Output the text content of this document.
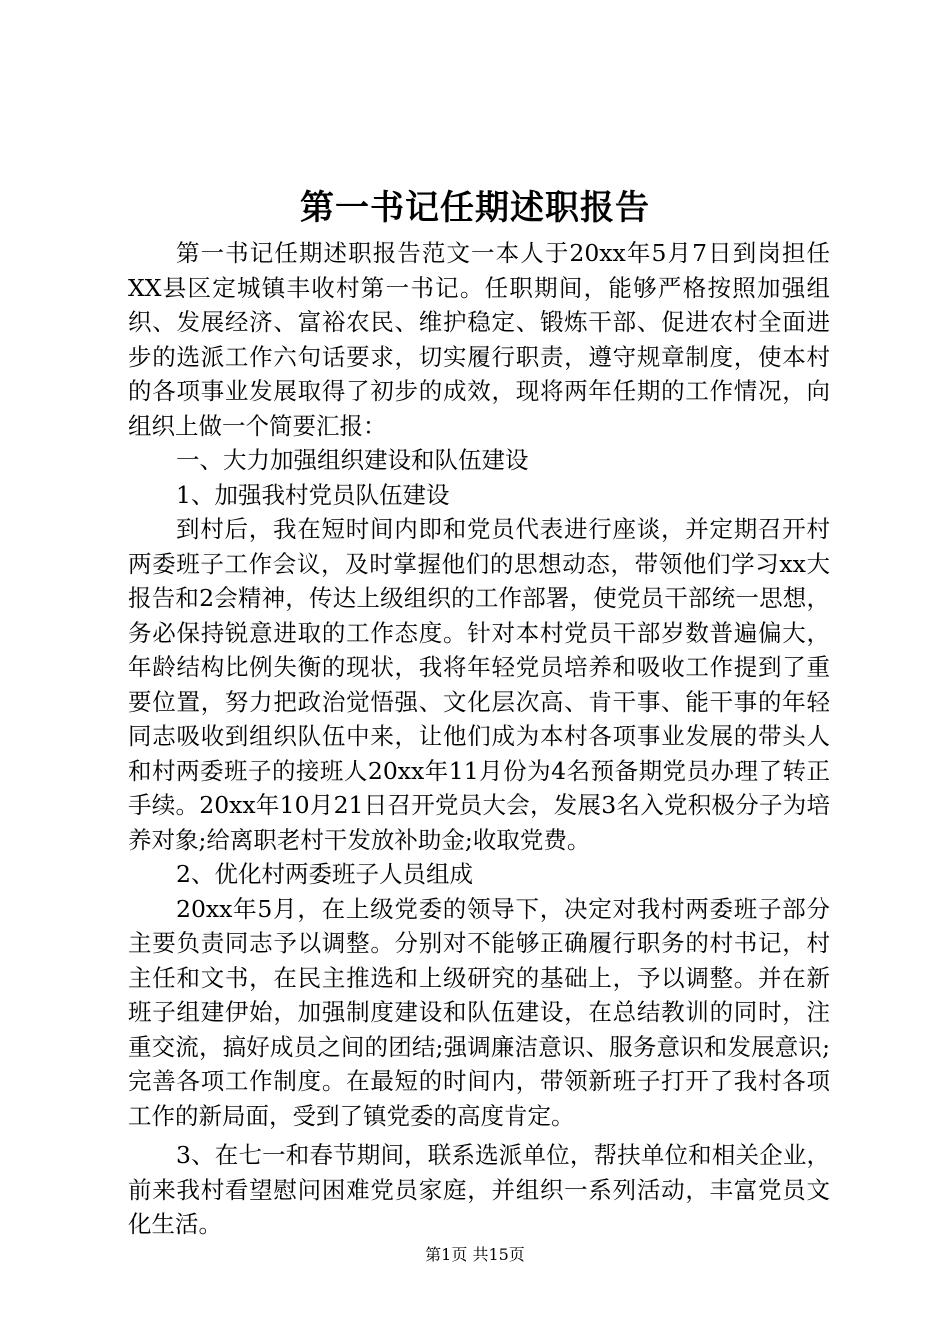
第一书记任期述职报告

第一书记任期述职报告范文一本人于20xx年5月7日到岗担任XX县区定城镇丰收村第一书记。任职期间，能够严格按照加强组织、发展经济、富裕农民、维护稳定、锻炼干部、促进农村全面进步的选派工作六句话要求，切实履行职责，遵守规章制度，使本村的各项事业发展取得了初步的成效，现将两年任期的工作情况，向组织上做一个简要汇报：

一、大力加强组织建设和队伍建设

1、加强我村党员队伍建设

到村后，我在短时间内即和党员代表进行座谈，并定期召开村两委班子工作会议，及时掌握他们的思想动态，带领他们学习xx大报告和2会精神，传达上级组织的工作部署，使党员干部统一思想，务必保持锐意进取的工作态度。针对本村党员干部岁数普遍偏大，年龄结构比例失衡的现状，我将年轻党员培养和吸收工作提到了重要位置，努力把政治觉悟强、文化层次高、肯干事、能干事的年轻同志吸收到组织队伍中来，让他们成为本村各项事业发展的带头人和村两委班子的接班人20xx年11月份为4名预备期党员办理了转正手续。20xx年10月21日召开党员大会，发展3名入党积极分子为培养对象;给离职老村干发放补助金;收取党费。

2、优化村两委班子人员组成

20xx年5月，在上级党委的领导下，决定对我村两委班子部分主要负责同志予以调整。分别对不能够正确履行职务的村书记，村主任和文书，在民主推选和上级研究的基础上，予以调整。并在新班子组建伊始，加强制度建设和队伍建设，在总结教训的同时，注重交流，搞好成员之间的团结;强调廉洁意识、服务意识和发展意识;完善各项工作制度。在最短的时间内，带领新班子打开了我村各项工作的新局面，受到了镇党委的高度肯定。

3、在七一和春节期间，联系选派单位，帮扶单位和相关企业，前来我村看望慰问困难党员家庭，并组织一系列活动，丰富党员文化生活。

第1页 共15页
